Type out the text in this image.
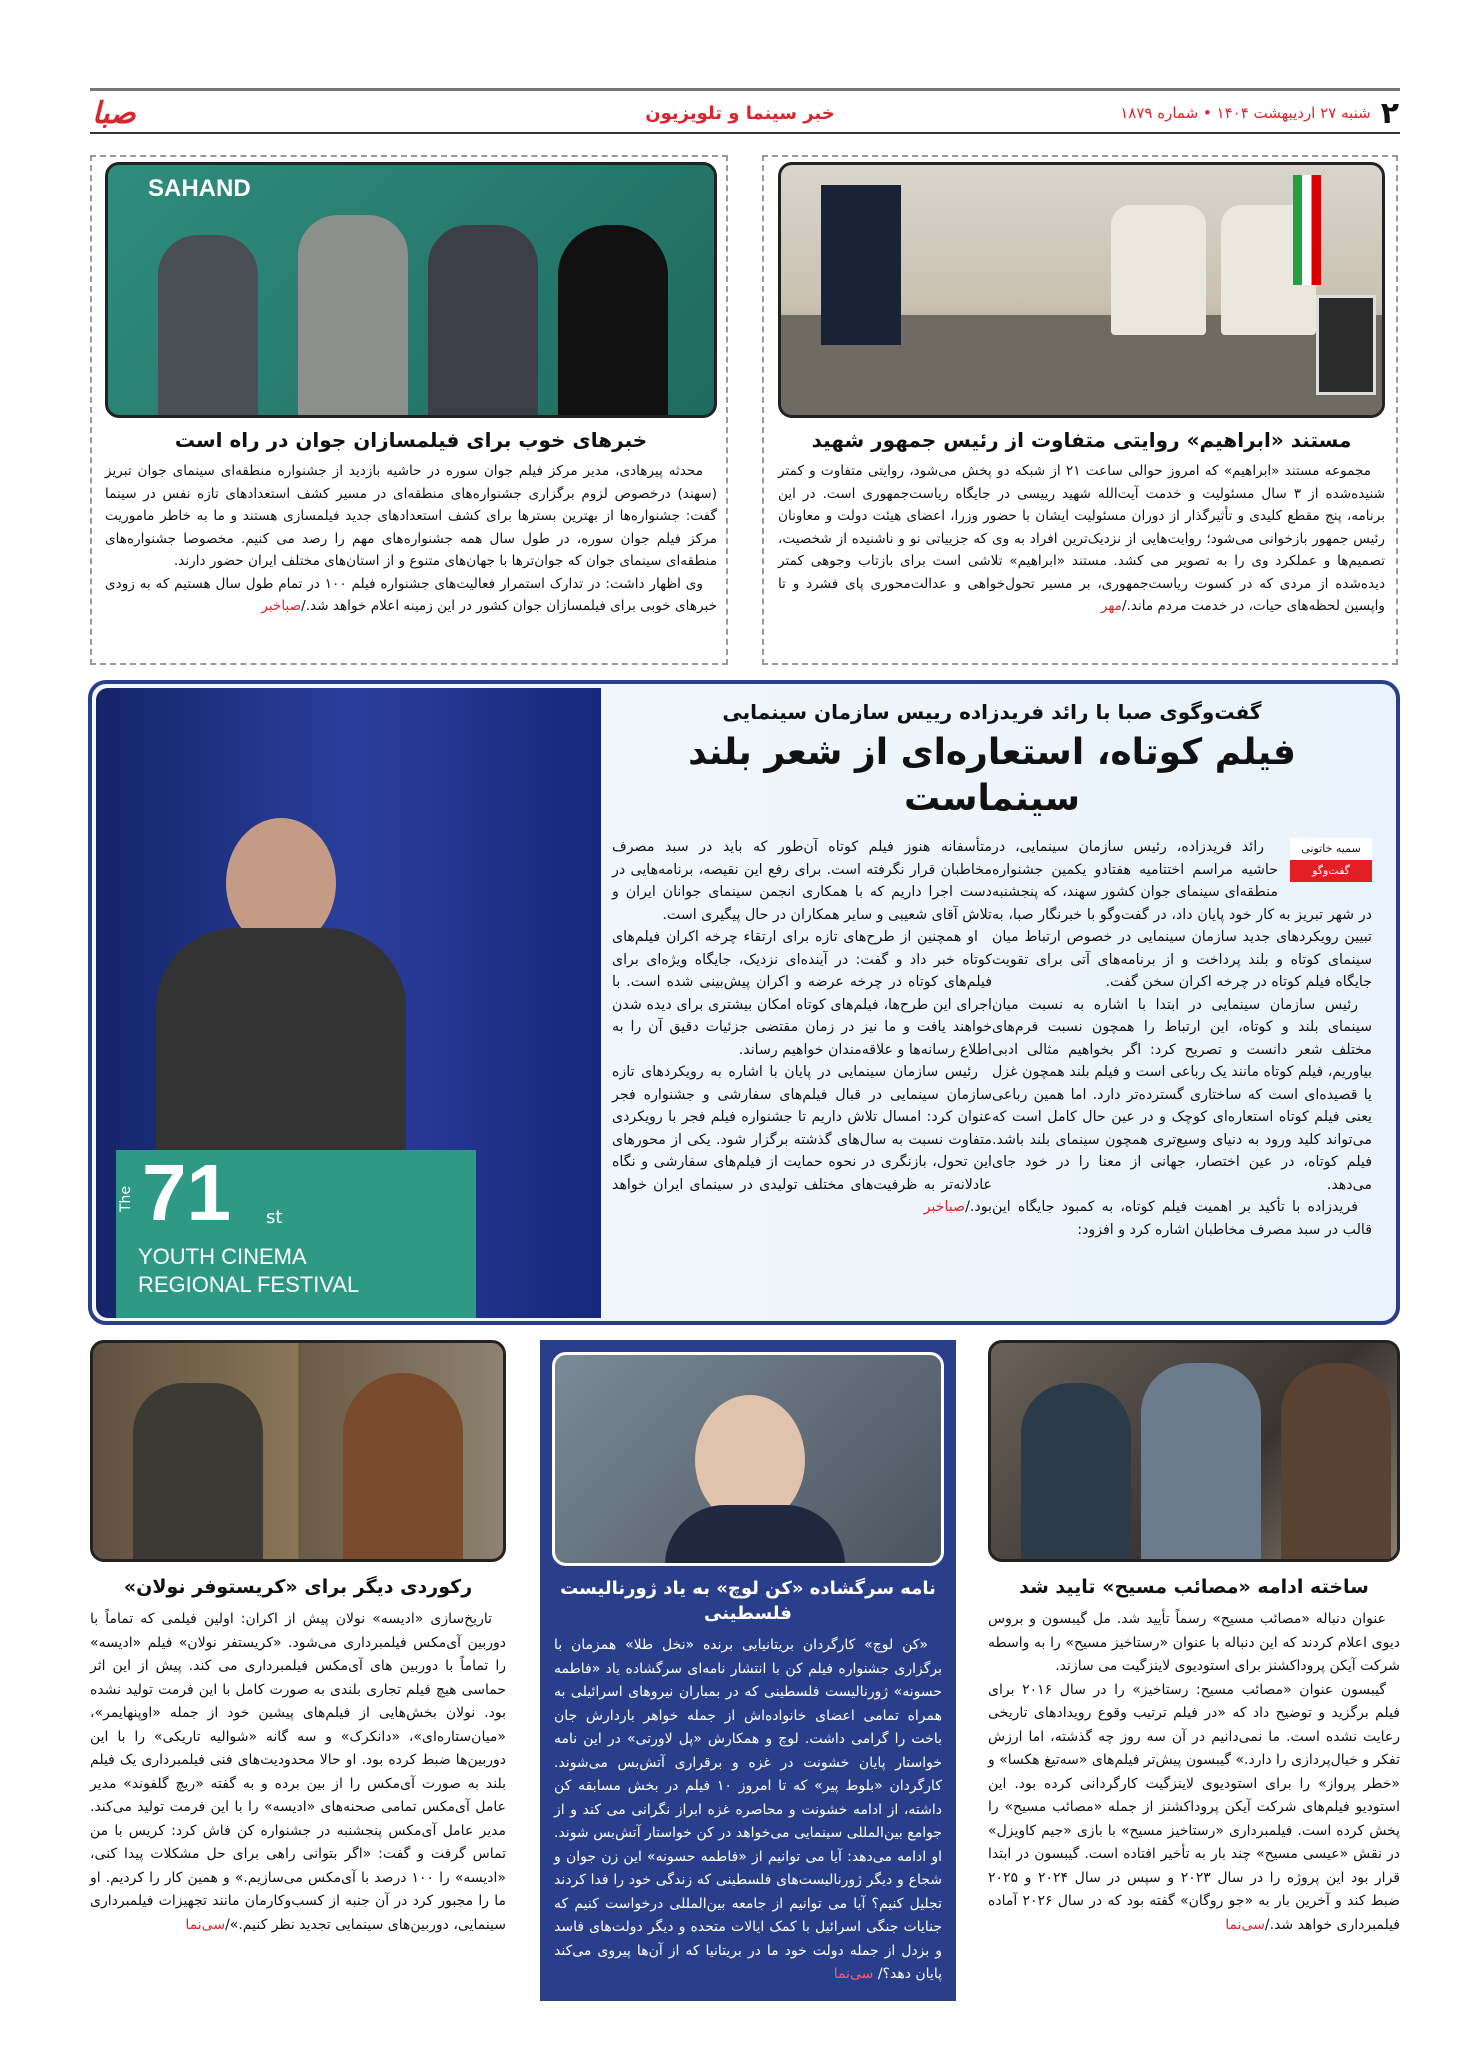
۲
شنبه ۲۷ اردیبهشت ۱۴۰۴ • شماره ۱۸۷۹
خبر سینما و تلویزیون
صبا
مستند «ابراهیم» روایتی متفاوت از رئیس جمهور شهید

مجموعه مستند «ابراهیم» که امروز حوالی ساعت ۲۱ از شبکه دو پخش می‌شود، روایتی متفاوت و کمتر شنیده‌شده از ۳ سال مسئولیت و خدمت آیت‌الله شهید رییسی در جایگاه ریاست‌جمهوری است. در این برنامه، پنج مقطع کلیدی و تأثیرگذار از دوران مسئولیت ایشان با حضور وزرا، اعضای هیئت دولت و معاونان رئیس جمهور بازخوانی می‌شود؛ روایت‌هایی از نزدیک‌ترین افراد به وی که جزییاتی نو و ناشنیده از شخصیت، تصمیم‌ها و عملکرد وی را به تصویر می کشد. مستند «ابراهیم» تلاشی است برای بازتاب وجوهی کمتر دیده‌شده از مردی که در کسوت ریاست‌جمهوری، بر مسیر تحول‌خواهی و عدالت‌محوری پای فشرد و تا واپسین لحظه‌های حیات، در خدمت مردم ماند./مهر

SAHAND
خبرهای خوب برای فیلمسازان جوان در راه است

محدثه پیرهادی، مدیر مرکز فیلم جوان سوره در حاشیه بازدید از جشنواره منطقه‌ای سینمای جوان تبریز (سهند) درخصوص لزوم برگزاری جشنواره‌های منطقه‌ای در مسیر کشف استعدادهای تازه نفس در سینما گفت: جشنواره‌ها از بهترین بسترها برای کشف استعدادهای جدید فیلمسازی هستند و ما به خاطر ماموریت مرکز فیلم جوان سوره، در طول سال همه جشنواره‌های مهم را رصد می کنیم. مخصوصا جشنواره‌های منطقه‌ای سینمای جوان که جوان‌ترها با جهان‌های متنوع و از استان‌های مختلف ایران حضور دارند.

وی اظهار داشت: در تدارک استمرار فعالیت‌های جشنواره فیلم ۱۰۰ در تمام طول سال هستیم که به زودی خبرهای خوبی برای فیلمسازان جوان کشور در این زمینه اعلام خواهد شد./صباخبر

The 71 st
YOUTH CINEMA
REGIONAL FESTIVAL
گفت‌وگوی صبا با رائد فریدزاده رییس سازمان سینمایی
فیلم کوتاه، استعاره‌ای از شعر بلند سینماست
سمیه خاتونی
گفت‌وگو

رائد فریدزاده، رئیس سازمان سینمایی، در حاشیه مراسم اختتامیه هفتادو یکمین جشنواره منطقه‌ای سینمای جوان کشور سهند، که پنجشنبه در شهر تبریز به کار خود پایان داد، در گفت‌وگو با خبرنگار صبا، به تبیین رویکردهای جدید سازمان سینمایی در خصوص ارتباط میان سینمای کوتاه و بلند پرداخت و از برنامه‌های آتی برای تقویت جایگاه فیلم کوتاه در چرخه اکران سخن گفت.

رئیس سازمان سینمایی در ابتدا با اشاره به نسبت میان سینمای بلند و کوتاه، این ارتباط را همچون نسبت فرم‌های مختلف شعر دانست و تصریح کرد: اگر بخواهیم مثالی ادبی بیاوریم، فیلم کوتاه مانند یک رباعی است و فیلم بلند همچون غزل یا قصیده‌ای است که ساختاری گسترده‌تر دارد. اما همین رباعی یعنی فیلم کوتاه استعاره‌ای کوچک و در عین حال کامل است که می‌تواند کلید ورود به دنیای وسیع‌تری همچون سینمای بلند باشد. فیلم کوتاه، در عین اختصار، جهانی از معنا را در خود جای می‌دهد.

فریدزاده با تأکید بر اهمیت فیلم کوتاه، به کمبود جایگاه این قالب در سبد مصرف مخاطبان اشاره کرد و افزود:

متأسفانه هنوز فیلم کوتاه آن‌طور که باید در سبد مصرف مخاطبان قرار نگرفته است. برای رفع این نقیصه، برنامه‌هایی در دست اجرا داریم که با همکاری انجمن سینمای جوانان ایران و تلاش آقای شعیبی و سایر همکاران در حال پیگیری است.

او همچنین از طرح‌های تازه برای ارتقاء چرخه اکران فیلم‌های کوتاه خبر داد و گفت: در آینده‌ای نزدیک، جایگاه ویژه‌ای برای فیلم‌های کوتاه در چرخه عرضه و اکران پیش‌بینی شده است. با اجرای این طرح‌ها، فیلم‌های کوتاه امکان بیشتری برای دیده شدن خواهند یافت و ما نیز در زمان مقتضی جزئیات دقیق آن را به اطلاع رسانه‌ها و علاقه‌مندان خواهیم رساند.

رئیس سازمان سینمایی در پایان با اشاره به رویکردهای تازه سازمان سینمایی در قبال فیلم‌های سفارشی و جشنواره فجر عنوان کرد: امسال تلاش داریم تا جشنواره فیلم فجر با رویکردی متفاوت نسبت به سال‌های گذشته برگزار شود. یکی از محورهای این تحول، بازنگری در نحوه حمایت از فیلم‌های سفارشی و نگاه عادلانه‌تر به ظرفیت‌های مختلف تولیدی در سینمای ایران خواهد بود./صباخبر

ساخته ادامه «مصائب مسیح» تایید شد

عنوان دنباله «مصائب مسیح» رسماً تأیید شد. مل گیبسون و بروس دیوی اعلام کردند که این دنباله با عنوان «رستاخیز مسیح» را به واسطه شرکت آیکن پروداکشنز برای استودیوی لاینزگیت می سازند.

گیبسون عنوان «مصائب مسیح: رستاخیز» را در سال ۲۰۱۶ برای فیلم برگزید و توضیح داد که «در فیلم ترتیب وقوع رویدادهای تاریخی رعایت نشده است. ما نمی‌دانیم در آن سه روز چه گذشته، اما ارزش تفکر و خیال‌پردازی را دارد.» گیبسون پیش‌تر فیلم‌های «سه‌تیغ هکسا» و «خطر پرواز» را برای استودیوی لاینزگیت کارگردانی کرده بود. این استودیو فیلم‌های شرکت آیکن پروداکشنز از جمله «مصائب مسیح» را پخش کرده است. فیلمبرداری «رستاخیز مسیح» با بازی «جیم کاویزل» در نقش «عیسی مسیح» چند بار به تأخیر افتاده است. گیبسون در ابتدا قرار بود این پروژه را در سال ۲۰۲۳ و سپس در سال ۲۰۲۴ و ۲۰۲۵ ضبط کند و آخرین بار به «جو روگان» گفته بود که در سال ۲۰۲۶ آماده فیلمبرداری خواهد شد./سی‌نما

نامه سرگشاده «کن لوچ» به یاد ژورنالیست فلسطینی

«کن لوچ» کارگردان بریتانیایی برنده «نخل طلا» همزمان با برگزاری جشنواره فیلم کن با انتشار نامه‌ای سرگشاده یاد «فاطمه حسونه» ژورنالیست فلسطینی که در بمباران نیروهای اسرائیلی به همراه تمامی اعضای خانواده‌اش از جمله خواهر باردارش جان باخت را گرامی داشت. لوچ و همکارش «پل لاورتی» در این نامه خواستار پایان خشونت در غزه و برقراری آتش‌بس می‌شوند. کارگردان «بلوط پیر» که تا امروز ۱۰ فیلم در بخش مسابقه کن داشته، از ادامه خشونت و محاصره غزه ابراز نگرانی می کند و از جوامع بین‌المللی سینمایی می‌خواهد در کن خواستار آتش‌بس شوند. او ادامه می‌دهد: آیا می توانیم از «فاطمه حسونه» این زن جوان و شجاع و دیگر ژورنالیست‌های فلسطینی که زندگی خود را فدا کردند تجلیل کنیم؟ آیا می توانیم از جامعه بین‌المللی درخواست کنیم که جنایات جنگی اسرائیل با کمک ایالات متحده و دیگر دولت‌های فاسد و بزدل از جمله دولت خود ما در بریتانیا که از آن‌ها پیروی می‌کند پایان دهد؟/ سی‌نما

رکوردی دیگر برای «کریستوفر نولان»

تاریخ‌سازی «ادیسه» نولان پیش از اکران: اولین فیلمی که تماماً با دوربین آی‌مکس فیلمبرداری می‌شود. «کریستفر نولان» فیلم «ادیسه» را تماماً با دوربین های آی‌مکس فیلمبرداری می کند. پیش از این اثر حماسی هیچ فیلم تجاری بلندی به صورت کامل با این فرمت تولید نشده بود. نولان بخش‌هایی از فیلم‌های پیشین خود از جمله «اوپنهایمر»، «میان‌ستاره‌ای»، «دانکرک» و سه گانه «شوالیه تاریکی» را با این دوربین‌ها ضبط کرده بود. او حالا محدودیت‌های فنی فیلمبرداری یک فیلم بلند به صورت آی‌مکس را از بین برده و به گفته «ریچ گلفوند» مدیر عامل آی‌مکس تمامی صحنه‌های «ادیسه» را با این فرمت تولید می‌کند. مدیر عامل آی‌مکس پنجشنبه در جشنواره کن فاش کرد: کریس با من تماس گرفت و گفت: «اگر بتوانی راهی برای حل مشکلات پیدا کنی، «ادیسه» را ۱۰۰ درصد با آی‌مکس می‌سازیم.» و همین کار را کردیم. او ما را مجبور کرد در آن جنبه از کسب‌وکارمان مانند تجهیزات فیلمبرداری سینمایی، دوربین‌های سینمایی تجدید نظر کنیم.»/سی‌نما
